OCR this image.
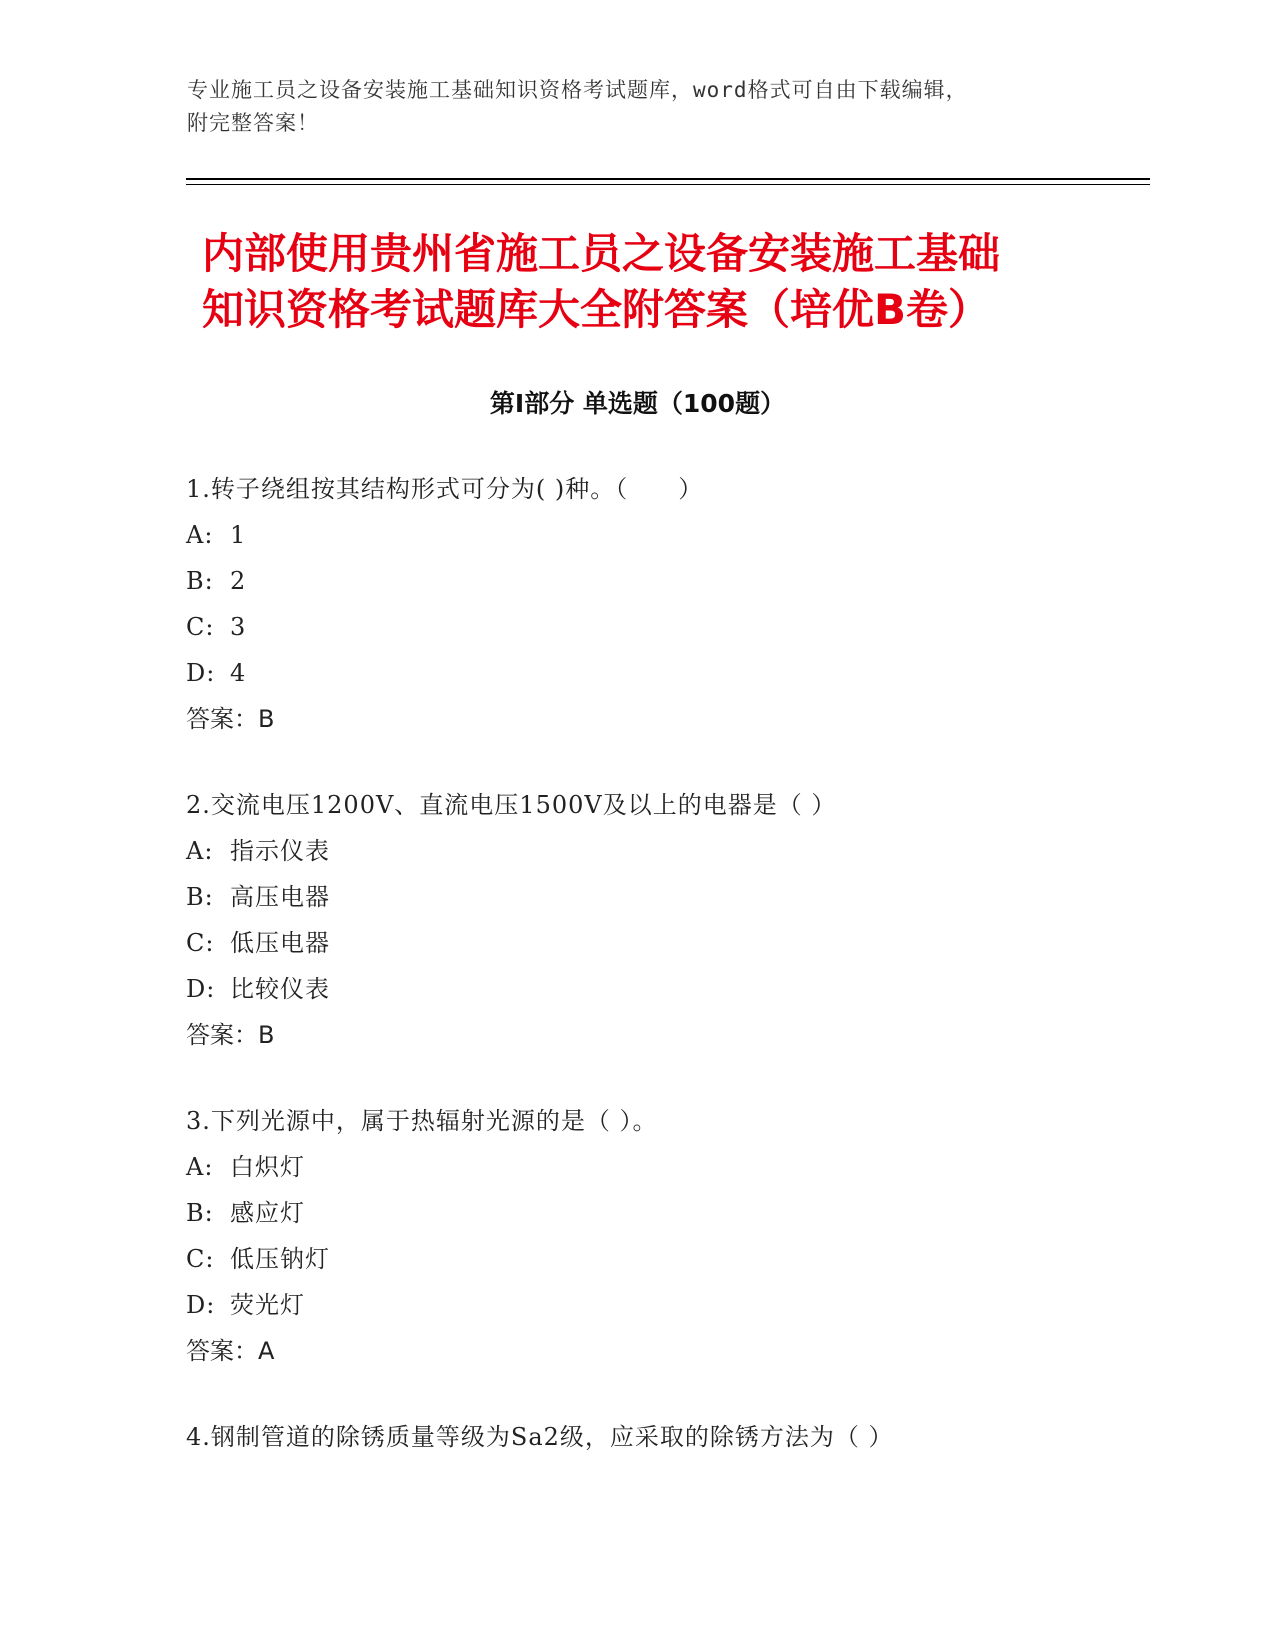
专业施工员之设备安装施工基础知识资格考试题库，word格式可自由下载编辑，
附完整答案！
内部使用贵州省施工员之设备安装施工基础
知识资格考试题库大全附答案（培优B卷）
第Ⅰ部分 单选题（100题）
1.转子绕组按其结构形式可分为( )种。（　　）
A: 1
B: 2
C: 3
D: 4
答案：B
2.交流电压1200V、直流电压1500V及以上的电器是（ ）
A: 指示仪表
B: 高压电器
C: 低压电器
D: 比较仪表
答案：B
3.下列光源中，属于热辐射光源的是（ ）。
A: 白炽灯
B: 感应灯
C: 低压钠灯
D: 荧光灯
答案：A
4.钢制管道的除锈质量等级为Sa2级，应采取的除锈方法为（ ）
